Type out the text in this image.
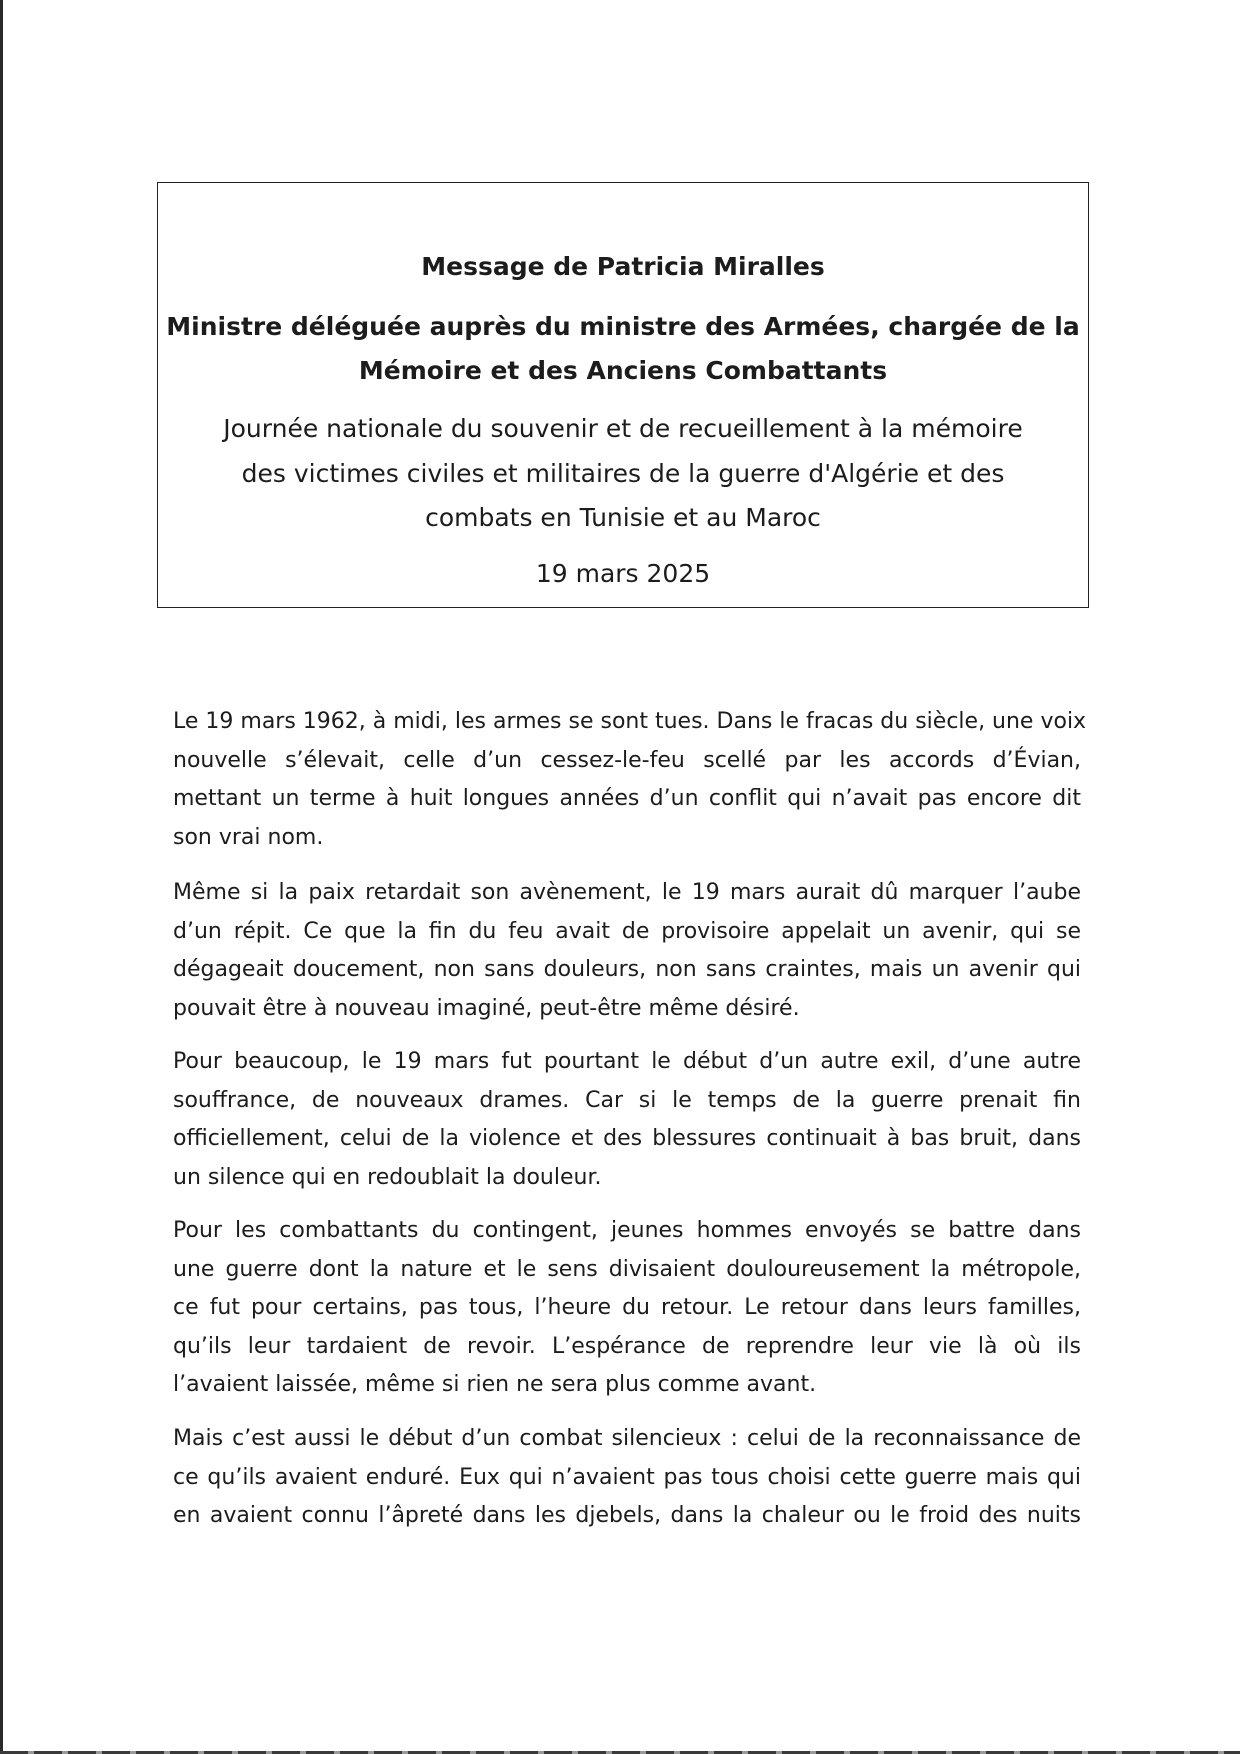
Message de Patricia Miralles
Ministre déléguée auprès du ministre des Armées, chargée de la
Mémoire et des Anciens Combattants
Journée nationale du souvenir et de recueillement à la mémoire
des victimes civiles et militaires de la guerre d'Algérie et des
combats en Tunisie et au Maroc
19 mars 2025
Le 19 mars 1962, à midi, les armes se sont tues. Dans le fracas du siècle, une voix
nouvelle s’élevait, celle d’un cessez-le-feu scellé par les accords d’Évian,
mettant un terme à huit longues années d’un conflit qui n’avait pas encore dit
son vrai nom.
Même si la paix retardait son avènement, le 19 mars aurait dû marquer l’aube
d’un répit. Ce que la fin du feu avait de provisoire appelait un avenir, qui se
dégageait doucement, non sans douleurs, non sans craintes, mais un avenir qui
pouvait être à nouveau imaginé, peut-être même désiré.
Pour beaucoup, le 19 mars fut pourtant le début d’un autre exil, d’une autre
souffrance, de nouveaux drames. Car si le temps de la guerre prenait fin
officiellement, celui de la violence et des blessures continuait à bas bruit, dans
un silence qui en redoublait la douleur.
Pour les combattants du contingent, jeunes hommes envoyés se battre dans
une guerre dont la nature et le sens divisaient douloureusement la métropole,
ce fut pour certains, pas tous, l’heure du retour. Le retour dans leurs familles,
qu’ils leur tardaient de revoir. L’espérance de reprendre leur vie là où ils
l’avaient laissée, même si rien ne sera plus comme avant.
Mais c’est aussi le début d’un combat silencieux : celui de la reconnaissance de
ce qu’ils avaient enduré. Eux qui n’avaient pas tous choisi cette guerre mais qui
en avaient connu l’âpreté dans les djebels, dans la chaleur ou le froid des nuits
